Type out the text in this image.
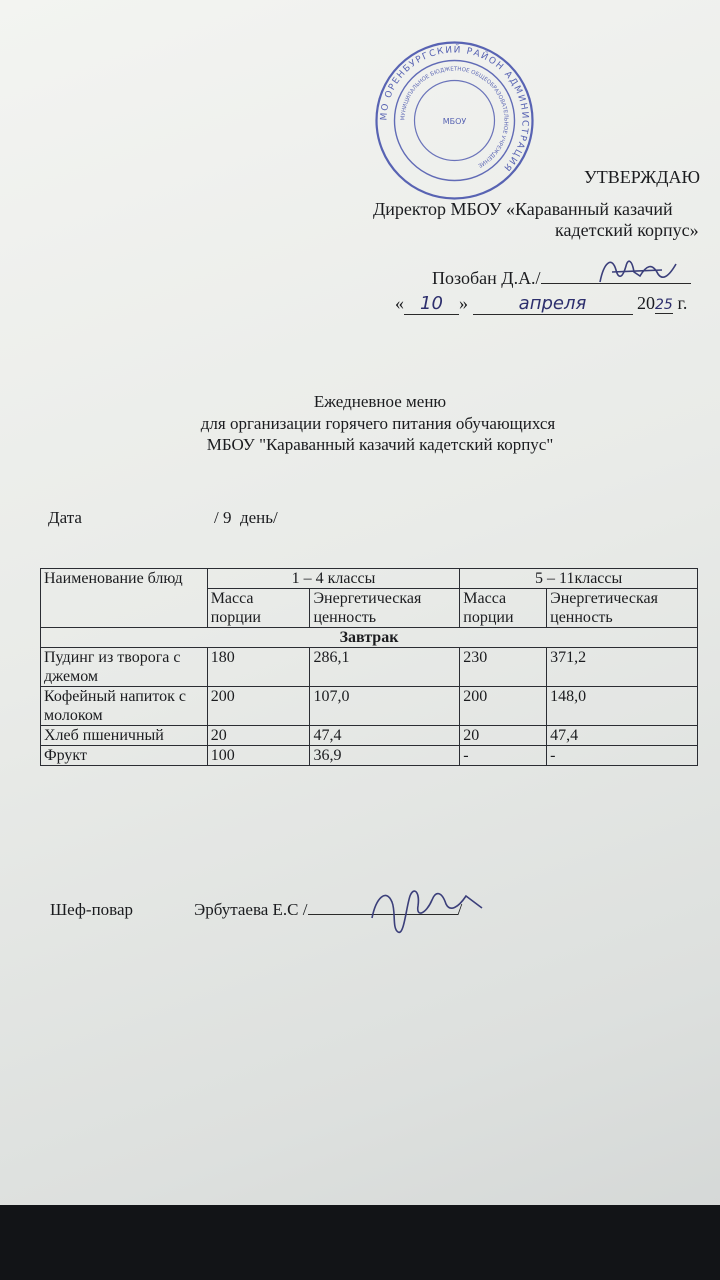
МО ОРЕНБУРГСКИЙ РАЙОН АДМИНИСТРАЦИЯ
МУНИЦИПАЛЬНОЕ БЮДЖЕТНОЕ ОБЩЕОБРАЗОВАТЕЛЬНОЕ УЧРЕЖДЕНИЕ
МБОУ
УТВЕРЖДАЮ
Директор МБОУ «Караванный казачий
кадетский корпус»
Позобан Д.А./
« 10 »	апреля	2025 г.
Ежедневное меню
для организации горячего питания обучающихся
МБОУ "Караванный казачий кадетский корпус"
Дата	/ 9  день/
Наименование блюд	1 – 4 классы		5 – 11классы	
	Масса порции	Энергетическая ценность	Масса порции	Энергетическая ценность
Завтрак				
Пудинг из творога с джемом	180	286,1	230	371,2
Кофейный напиток с молоком	200	107,0	200	148,0
Хлеб пшеничный	20	47,4	20	47,4
Фрукт	100	36,9	-	-
Шеф-повар	Эрбутаева Е.С /	/
